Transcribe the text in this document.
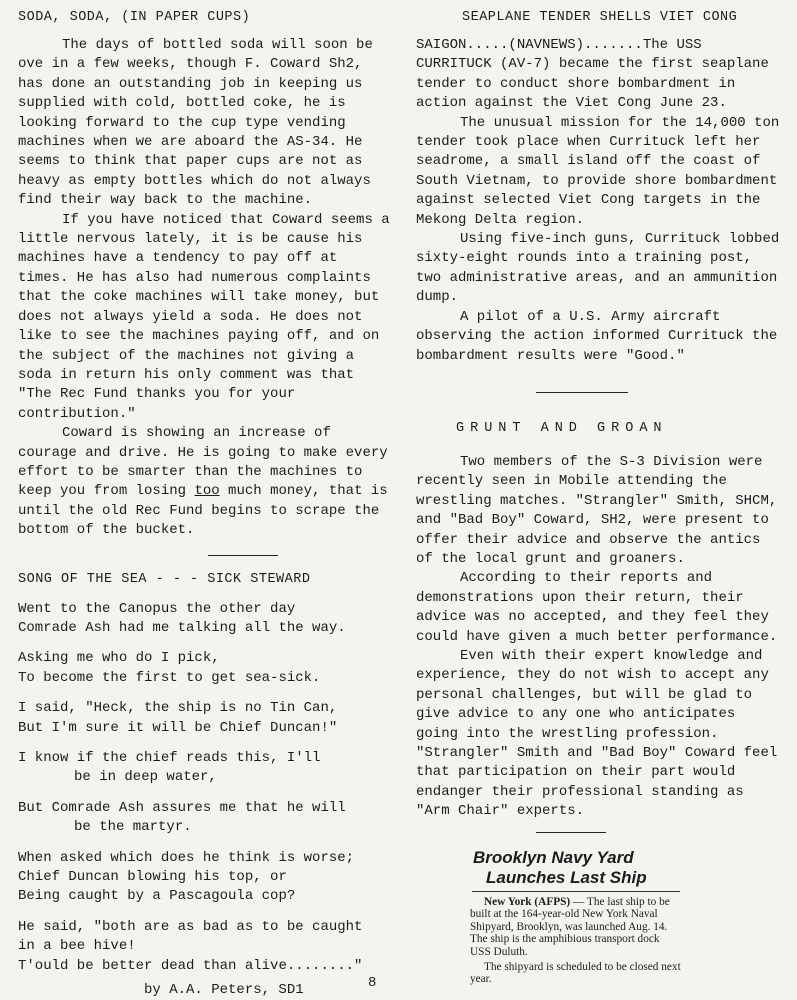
SODA, SODA, (IN PAPER CUPS)

The days of bottled soda will soon be ove in a few weeks, though F. Coward Sh2, has done an outstanding job in keeping us supplied with cold, bottled coke, he is looking forward to the cup type vending machines when we are aboard the AS-34. He seems to think that paper cups are not as heavy as empty bottles which do not always find their way back to the machine.

If you have noticed that Coward seems a little nervous lately, it is be cause his machines have a tendency to pay off at times. He has also had numerous complaints that the coke machines will take money, but does not always yield a soda. He does not like to see the machines paying off, and on the subject of the machines not giving a soda in return his only comment was that "The Rec Fund thanks you for your contribution."

Coward is showing an increase of courage and drive. He is going to make every effort to be smarter than the machines to keep you from losing too much money, that is until the old Rec Fund begins to scrape the bottom of the bucket.

SONG OF THE SEA - - - SICK STEWARD
Went to the Canopus the other day
Comrade Ash had me talking all the way.
Asking me who do I pick,
To become the first to get sea-sick.
I said, "Heck, the ship is no Tin Can,
But I'm sure it will be Chief Duncan!"
I know if the chief reads this, I'll
be in deep water,
But Comrade Ash assures me that he will
be the martyr.
When asked which does he think is worse;
Chief Duncan blowing his top, or
Being caught by a Pascagoula cop?
He said, "both are as bad as to be caught
in a bee hive!
T'ould be better dead than alive........"
by A.A. Peters, SD1	8
SEAPLANE TENDER SHELLS VIET CONG

SAIGON.....(NAVNEWS).......The USS CURRITUCK (AV-7) became the first seaplane tender to conduct shore bombardment in action against the Viet Cong June 23.

The unusual mission for the 14,000 ton tender took place when Currituck left her seadrome, a small island off the coast of South Vietnam, to provide shore bombardment against selected Viet Cong targets in the Mekong Delta region.

Using five-inch guns, Currituck lobbed sixty-eight rounds into a training post, two administrative areas, and an ammunition dump.

A pilot of a U.S. Army aircraft observing the action informed Currituck the bombardment results were "Good."

GRUNT AND GROAN

Two members of the S-3 Division were recently seen in Mobile attending the wrestling matches. "Strangler" Smith, SHCM, and "Bad Boy" Coward, SH2, were present to offer their advice and observe the antics of the local grunt and groaners.

According to their reports and demonstrations upon their return, their advice was no accepted, and they feel they could have given a much better performance.

Even with their expert knowledge and experience, they do not wish to accept any personal challenges, but will be glad to give advice to any one who anticipates going into the wrestling profession. "Strangler" Smith and "Bad Boy" Coward feel that participation on their part would endanger their professional standing as "Arm Chair" experts.

Brooklyn Navy Yard
Launches Last Ship

New York (AFPS) — The last ship to be built at the 164-year-old New York Naval Shipyard, Brooklyn, was launched Aug. 14. The ship is the amphibious transport dock USS Duluth.

The shipyard is scheduled to be closed next year.
